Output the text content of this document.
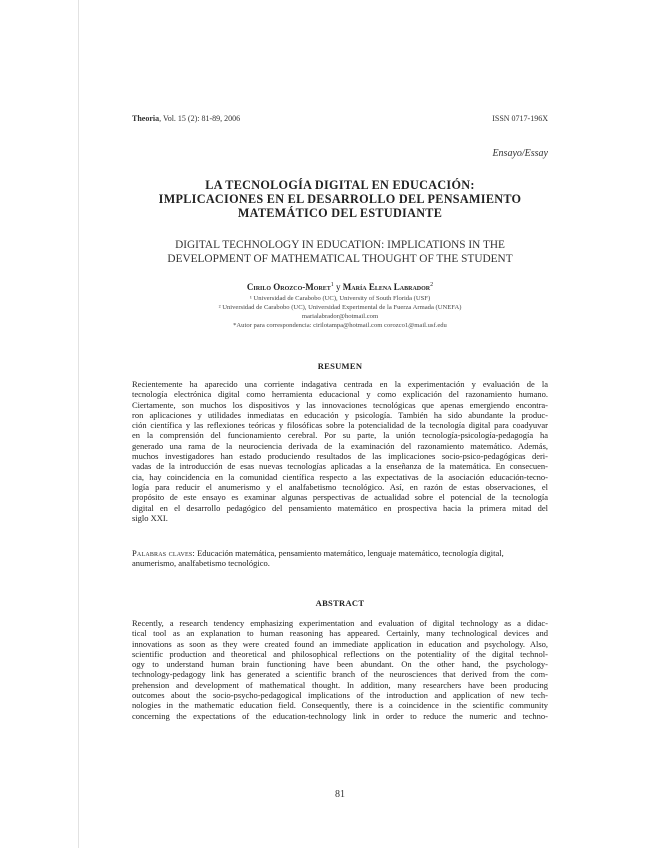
Theoria, Vol. 15 (2): 81-89, 2006	ISSN 0717-196X
Ensayo/Essay
LA TECNOLOGÍA DIGITAL EN EDUCACIÓN:
IMPLICACIONES EN EL DESARROLLO DEL PENSAMIENTO
MATEMÁTICO DEL ESTUDIANTE
DIGITAL TECHNOLOGY IN EDUCATION: IMPLICATIONS IN THE
DEVELOPMENT OF MATHEMATICAL THOUGHT OF THE STUDENT
Cirilo Orozco-Moret$^1$ y María Elena Labrador$^2$
¹ Universidad de Carabobo (UC), University of South Florida (USF)
² Universidad de Carabobo (UC), Universidad Experimental de la Fuerza Armada (UNEFA)
marialabrador@hotmail.com
*Autor para correspondencia: cirilotampa@hotmail.com corozco1@mail.usf.edu
RESUMEN
Recientemente ha aparecido una corriente indagativa centrada en la experimentación y evaluación de la
tecnología electrónica digital como herramienta educacional y como explicación del razonamiento humano.
Ciertamente, son muchos los dispositivos y las innovaciones tecnológicas que apenas emergiendo encontra-
ron aplicaciones y utilidades inmediatas en educación y psicología. También ha sido abundante la produc-
ción científica y las reflexiones teóricas y filosóficas sobre la potencialidad de la tecnología digital para coadyuvar
en la comprensión del funcionamiento cerebral. Por su parte, la unión tecnología-psicología-pedagogía ha
generado una rama de la neurociencia derivada de la examinación del razonamiento matemático. Además,
muchos investigadores han estado produciendo resultados de las implicaciones socio-psico-pedagógicas deri-
vadas de la introducción de esas nuevas tecnologías aplicadas a la enseñanza de la matemática. En consecuen-
cia, hay coincidencia en la comunidad científica respecto a las expectativas de la asociación educación-tecno-
logía para reducir el anumerismo y el analfabetismo tecnológico. Así, en razón de estas observaciones, el
propósito de este ensayo es examinar algunas perspectivas de actualidad sobre el potencial de la tecnología
digital en el desarrollo pedagógico del pensamiento matemático en prospectiva hacia la primera mitad del
siglo XXI.
Palabras claves: Educación matemática, pensamiento matemático, lenguaje matemático, tecnología digital,
anumerismo, analfabetismo tecnológico.
ABSTRACT
Recently, a research tendency emphasizing experimentation and evaluation of digital technology as a didac-
tical tool as an explanation to human reasoning has appeared. Certainly, many technological devices and
innovations as soon as they were created found an immediate application in education and psychology. Also,
scientific production and theoretical and philosophical reflections on the potentiality of the digital technol-
ogy to understand human brain functioning have been abundant. On the other hand, the psychology-
technology-pedagogy link has generated a scientific branch of the neurosciences that derived from the com-
prehension and development of mathematical thought. In addition, many researchers have been producing
outcomes about the socio-psycho-pedagogical implications of the introduction and application of new tech-
nologies in the mathematic education field. Consequently, there is a coincidence in the scientific community
concerning the expectations of the education-technology link in order to reduce the numeric and techno-
81
